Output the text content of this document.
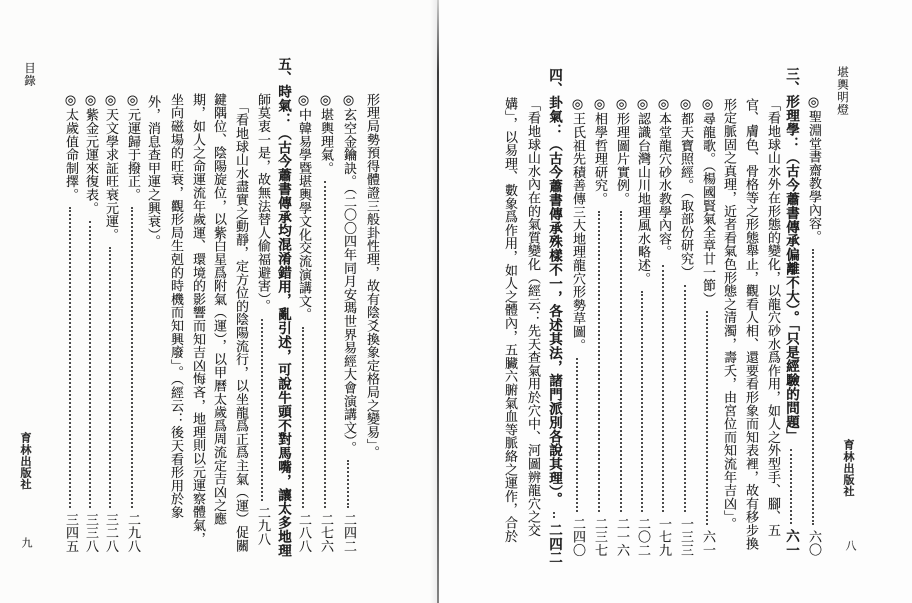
堪輿明燈
育林出版社
八
◎聖淵堂書齋教學內容。
六〇
三、形理學：（古今蕭書傳承偏離不大）。「只是經驗的問題」
六一
「看地球山水外在形態的變化，以龍穴砂水爲作用，如人之外型手、腳、五
官、膚色、骨格等之形態舉止，觀看人相、還要看形象而知表裡，故有移步換
形定脈固之真理，近者看氣色形態之清濁，壽夭，由宮位而知流年吉凶」。
◎尋龍歌。（楊國賢氣全章廿一節）
六一
◎都天寶照經。（取部份研究）
一三三
◎本堂龍穴砂水教學內容。
一七九
◎認識台灣山川地理風水略述。
二〇二
◎形理圖片實例。
二一六
◎相學哲理研究。
二三七
◎王氏祖先積善傳三大地理龍穴形勢草圖。
二四〇
四、卦氣：（古今蕭書傳承殊樣不一，各述其法，諸門派別各說其理）。
二四二
「看地球山水內在的氣質變化（經云：先天查氣用於穴中、河圖辨龍穴之交
媾」，以易理、數象爲作用，如人之體內，五臟六腑氣血等脈絡之運作，合於
目錄
育林出版社
九
形理局勢預得體證三般卦性理，故有陰爻換象定格局之變易」。
◎玄空金鑰訣。（二〇〇四年同月安瑪世界易經大會演講文）。
二四二
◎堪輿理氣。
二七六
◎中韓易學暨堪輿學文化交流演講文。
二八八
五、時氣：（古今蕭書傳承均混淆錯用，亂引述，可說牛頭不對馬嘴，讓太多地理
師莫衷一是，故無法替人偷福避害）。
二九八
「看地球山水盡實之動靜，定方位的陰陽流行，以坐龍爲正爲主氣（運）促關
鍵隅位、陰陽旋位，以紫白星爲附氣（運），以甲曆太歲爲周流定吉凶之應
期，如人之命運流年歲運、環境的影響而知吉凶悔吝，地理則以元運察體氣，
坐向磁場的旺衰，觀形局生剋的時機而知興廢」。（經云：後天看形用於象
外，消息查甲運之興衰）。
◎元運歸于撥正。
二九八
◎天文學求証旺衰元運。
三二八
◎紫金元運來復表。
三三八
◎太歲值命制擇。
三四五
